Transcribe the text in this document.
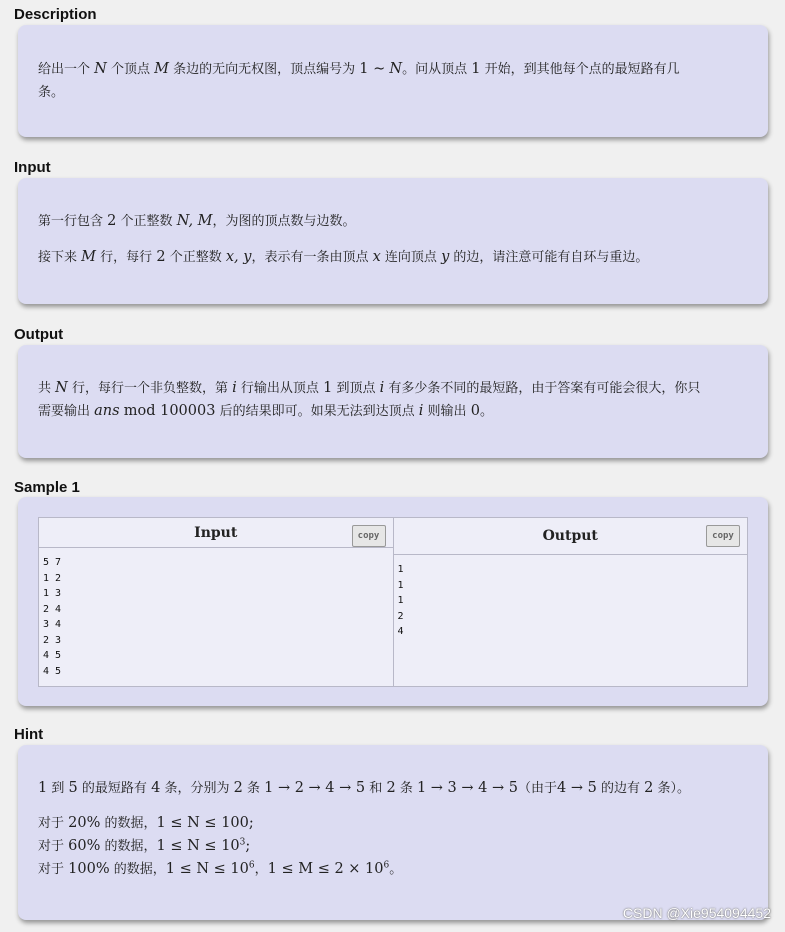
Description

给出一个 N 个顶点 M 条边的无向无权图，顶点编号为 1 ∼ N。问从顶点 1 开始，到其他每个点的最短路有几
条。

Input

第一行包含 2 个正整数 N, M，为图的顶点数与边数。

接下来 M 行，每行 2 个正整数 x, y，表示有一条由顶点 x 连向顶点 y 的边，请注意可能有自环与重边。

Output

共 N 行，每行一个非负整数，第 i 行输出从顶点 1 到顶点 i 有多少条不同的最短路，由于答案有可能会很大，你只
需要输出 ans mod 100003 后的结果即可。如果无法到达顶点 i 则输出 0。

Sample 1
Input	copy
5 7
1 2
1 3
2 4
3 4
2 3
4 5
4 5
Output	copy
1
1
1
2
4
Hint

1 到 5 的最短路有 4 条，分别为 2 条 1 → 2 → 4 → 5 和 2 条 1 → 3 → 4 → 5（由于4 → 5 的边有 2 条）。

对于 20% 的数据，1 ≤ N ≤ 100;

对于 60% 的数据，$1 \le N \le 10^3$;

对于 100% 的数据，$1 \le N \le 10^6$，$1 \le M \le 2 \times 10^6$。

CSDN @Xie954094452
